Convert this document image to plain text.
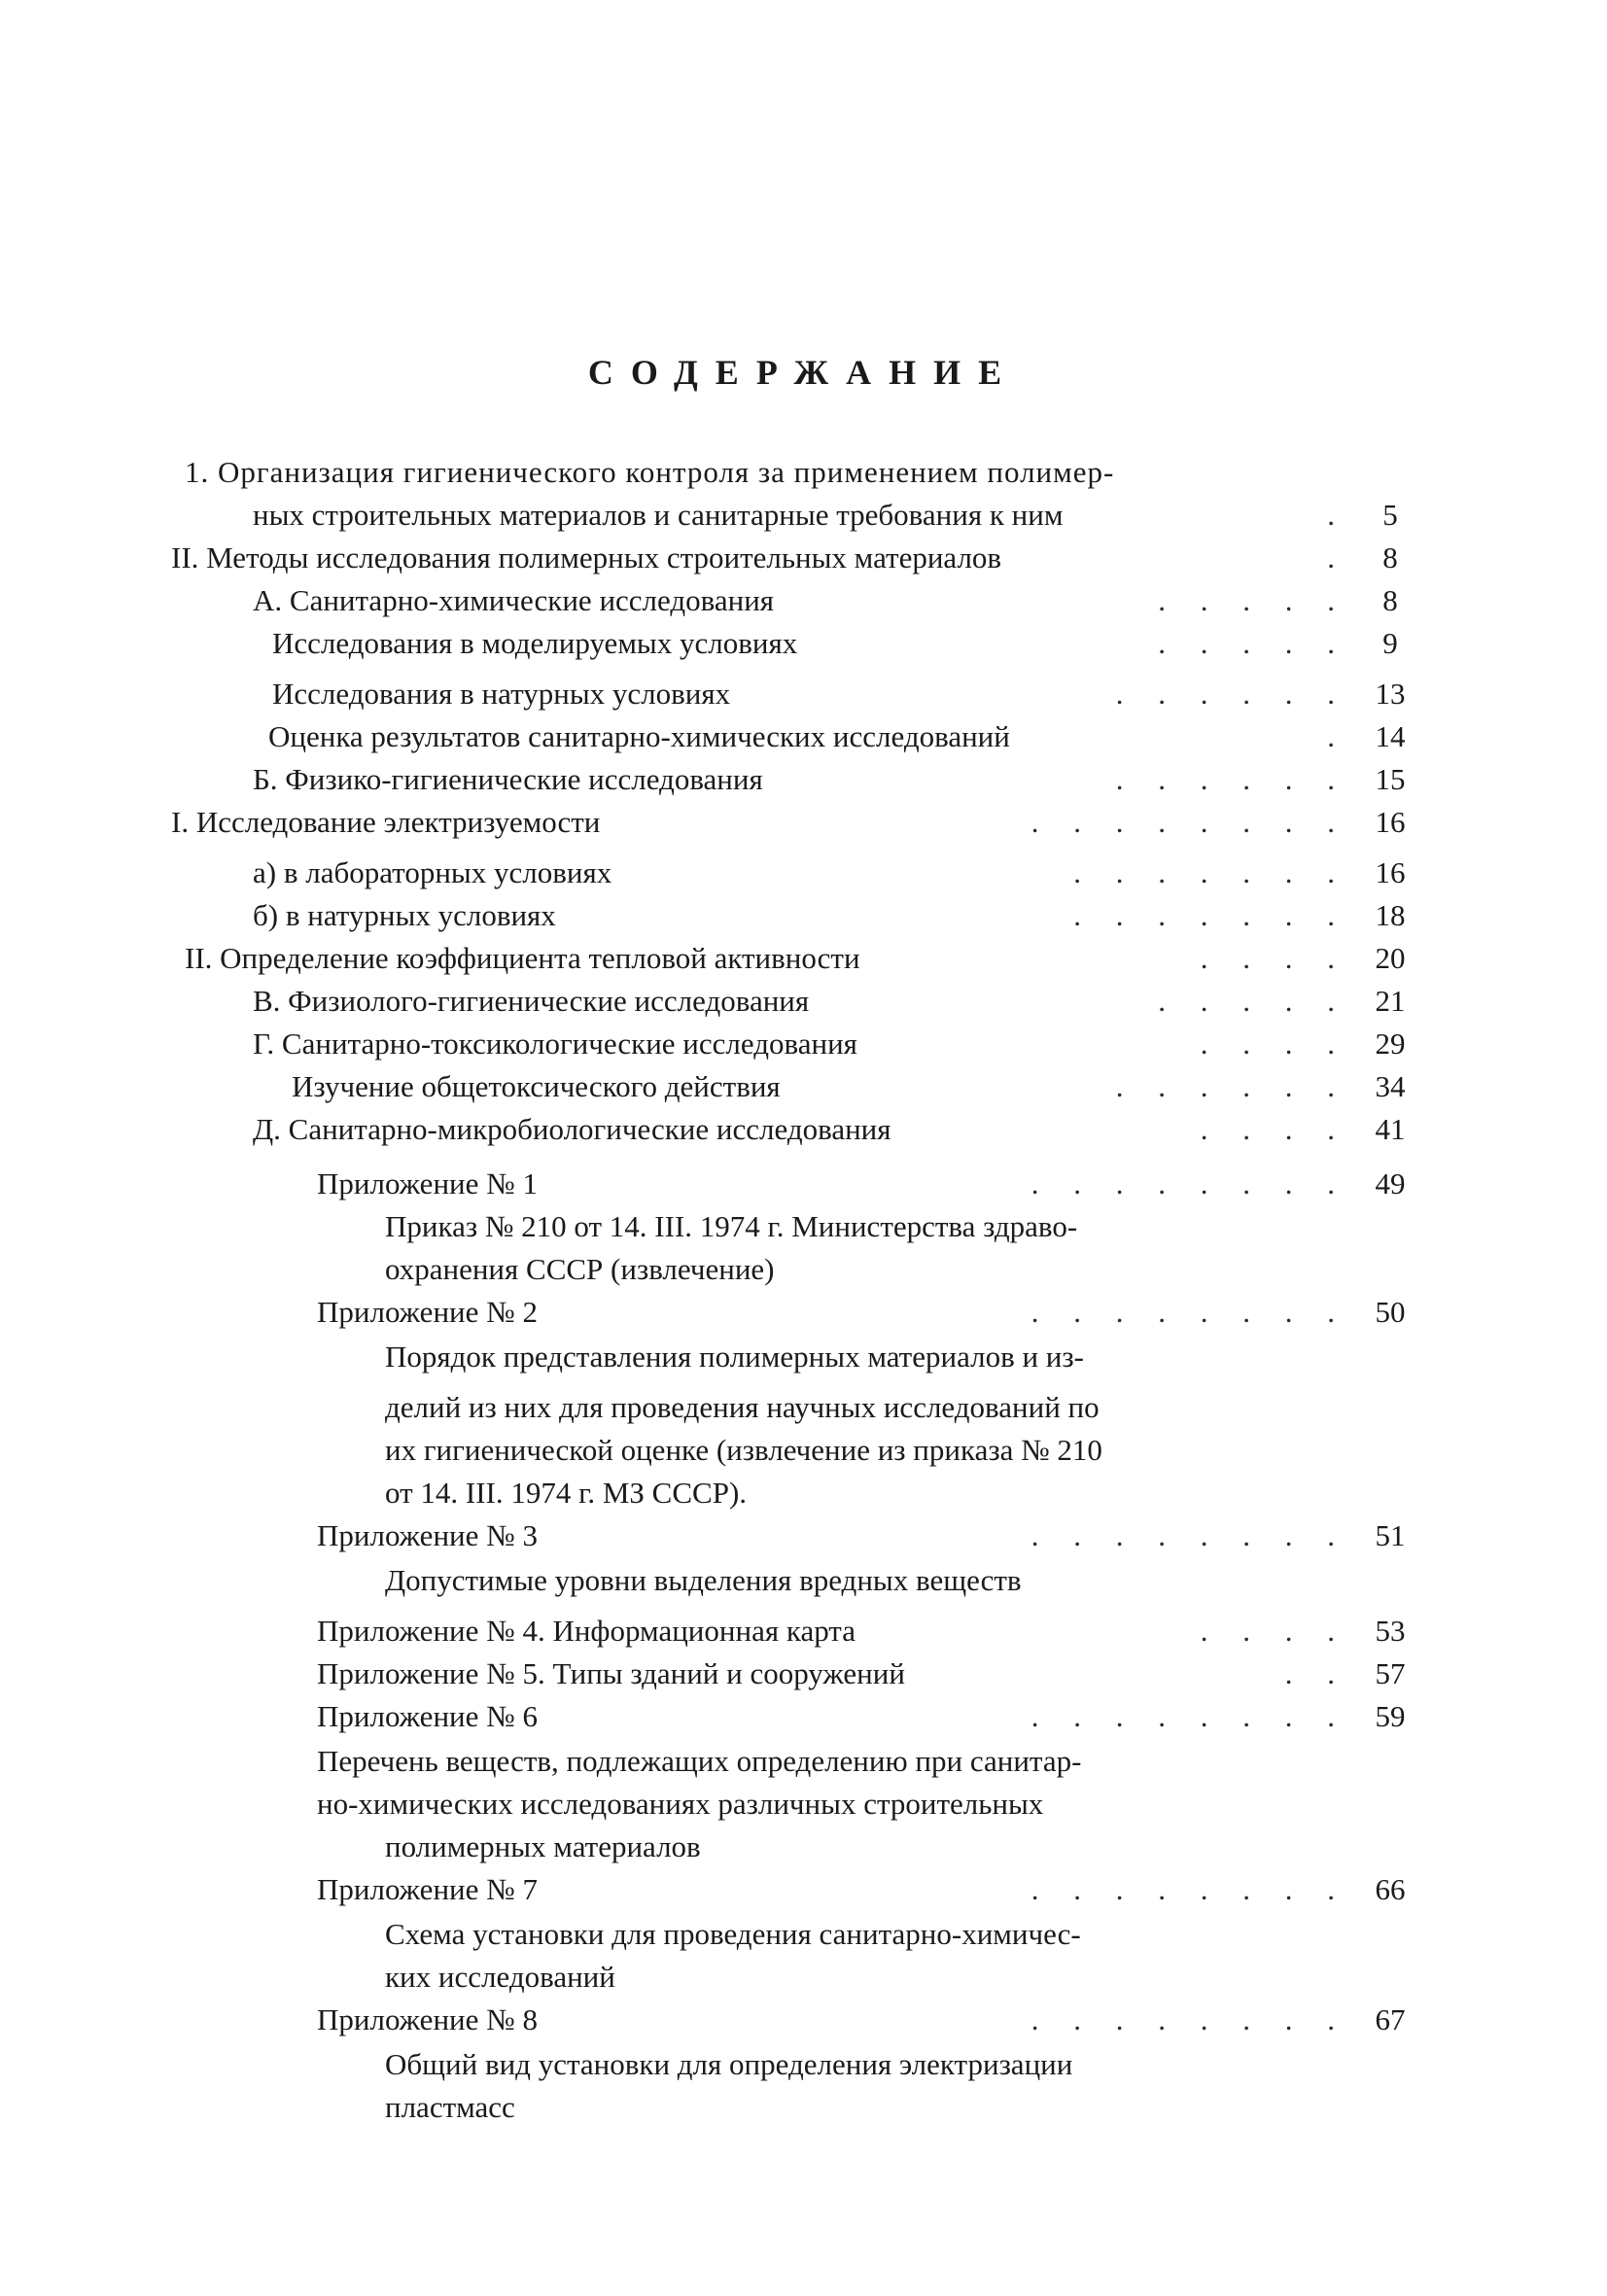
СОДЕРЖАНИЕ
1. Организация гигиенического контроля за применением полимер-
ных строительных материалов и санитарные требования к ним	.	5
II. Методы исследования полимерных строительных материалов	.	8
А. Санитарно-химические исследования	. . . . .	8
Исследования в моделируемых условиях	. . . . .	9
Исследования в натурных условиях	. . . . . . 13
Оценка результатов санитарно-химических исследований	. 14
Б. Физико-гигиенические исследования	. . . . . . 15
I. Исследование электризуемости	. . . . . . . . 16
а) в лабораторных условиях	. . . . . . . 16
б) в натурных условиях	. . . . . . . 18
II. Определение коэффициента тепловой активности	. . . . 20
В. Физиолого-гигиенические исследования	. . . . . 21
Г. Санитарно-токсикологические исследования	. . . . 29
Изучение общетоксического действия	. . . . . . 34
Д. Санитарно-микробиологические исследования	. . . . 41
Приложение № 1	. . . . . . . . 49
Приказ № 210 от 14. III. 1974 г. Министерства здраво-
охранения СССР (извлечение)
Приложение № 2	. . . . . . . . 50
Порядок представления полимерных материалов и из-
делий из них для проведения научных исследований по
их гигиенической оценке (извлечение из приказа № 210
от 14. III. 1974 г. МЗ СССР).
Приложение № 3	. . . . . . . . 51
Допустимые уровни выделения вредных веществ
Приложение № 4. Информационная карта	. . . . 53
Приложение № 5. Типы зданий и сооружений	. . 57
Приложение № 6	. . . . . . . . 59
Перечень веществ, подлежащих определению при санитар-
но-химических исследованиях различных строительных
полимерных материалов
Приложение № 7	. . . . . . . . 66
Схема установки для проведения санитарно-химичес-
ких исследований
Приложение № 8	. . . . . . . . 67
Общий вид установки для определения электризации
пластмасс
